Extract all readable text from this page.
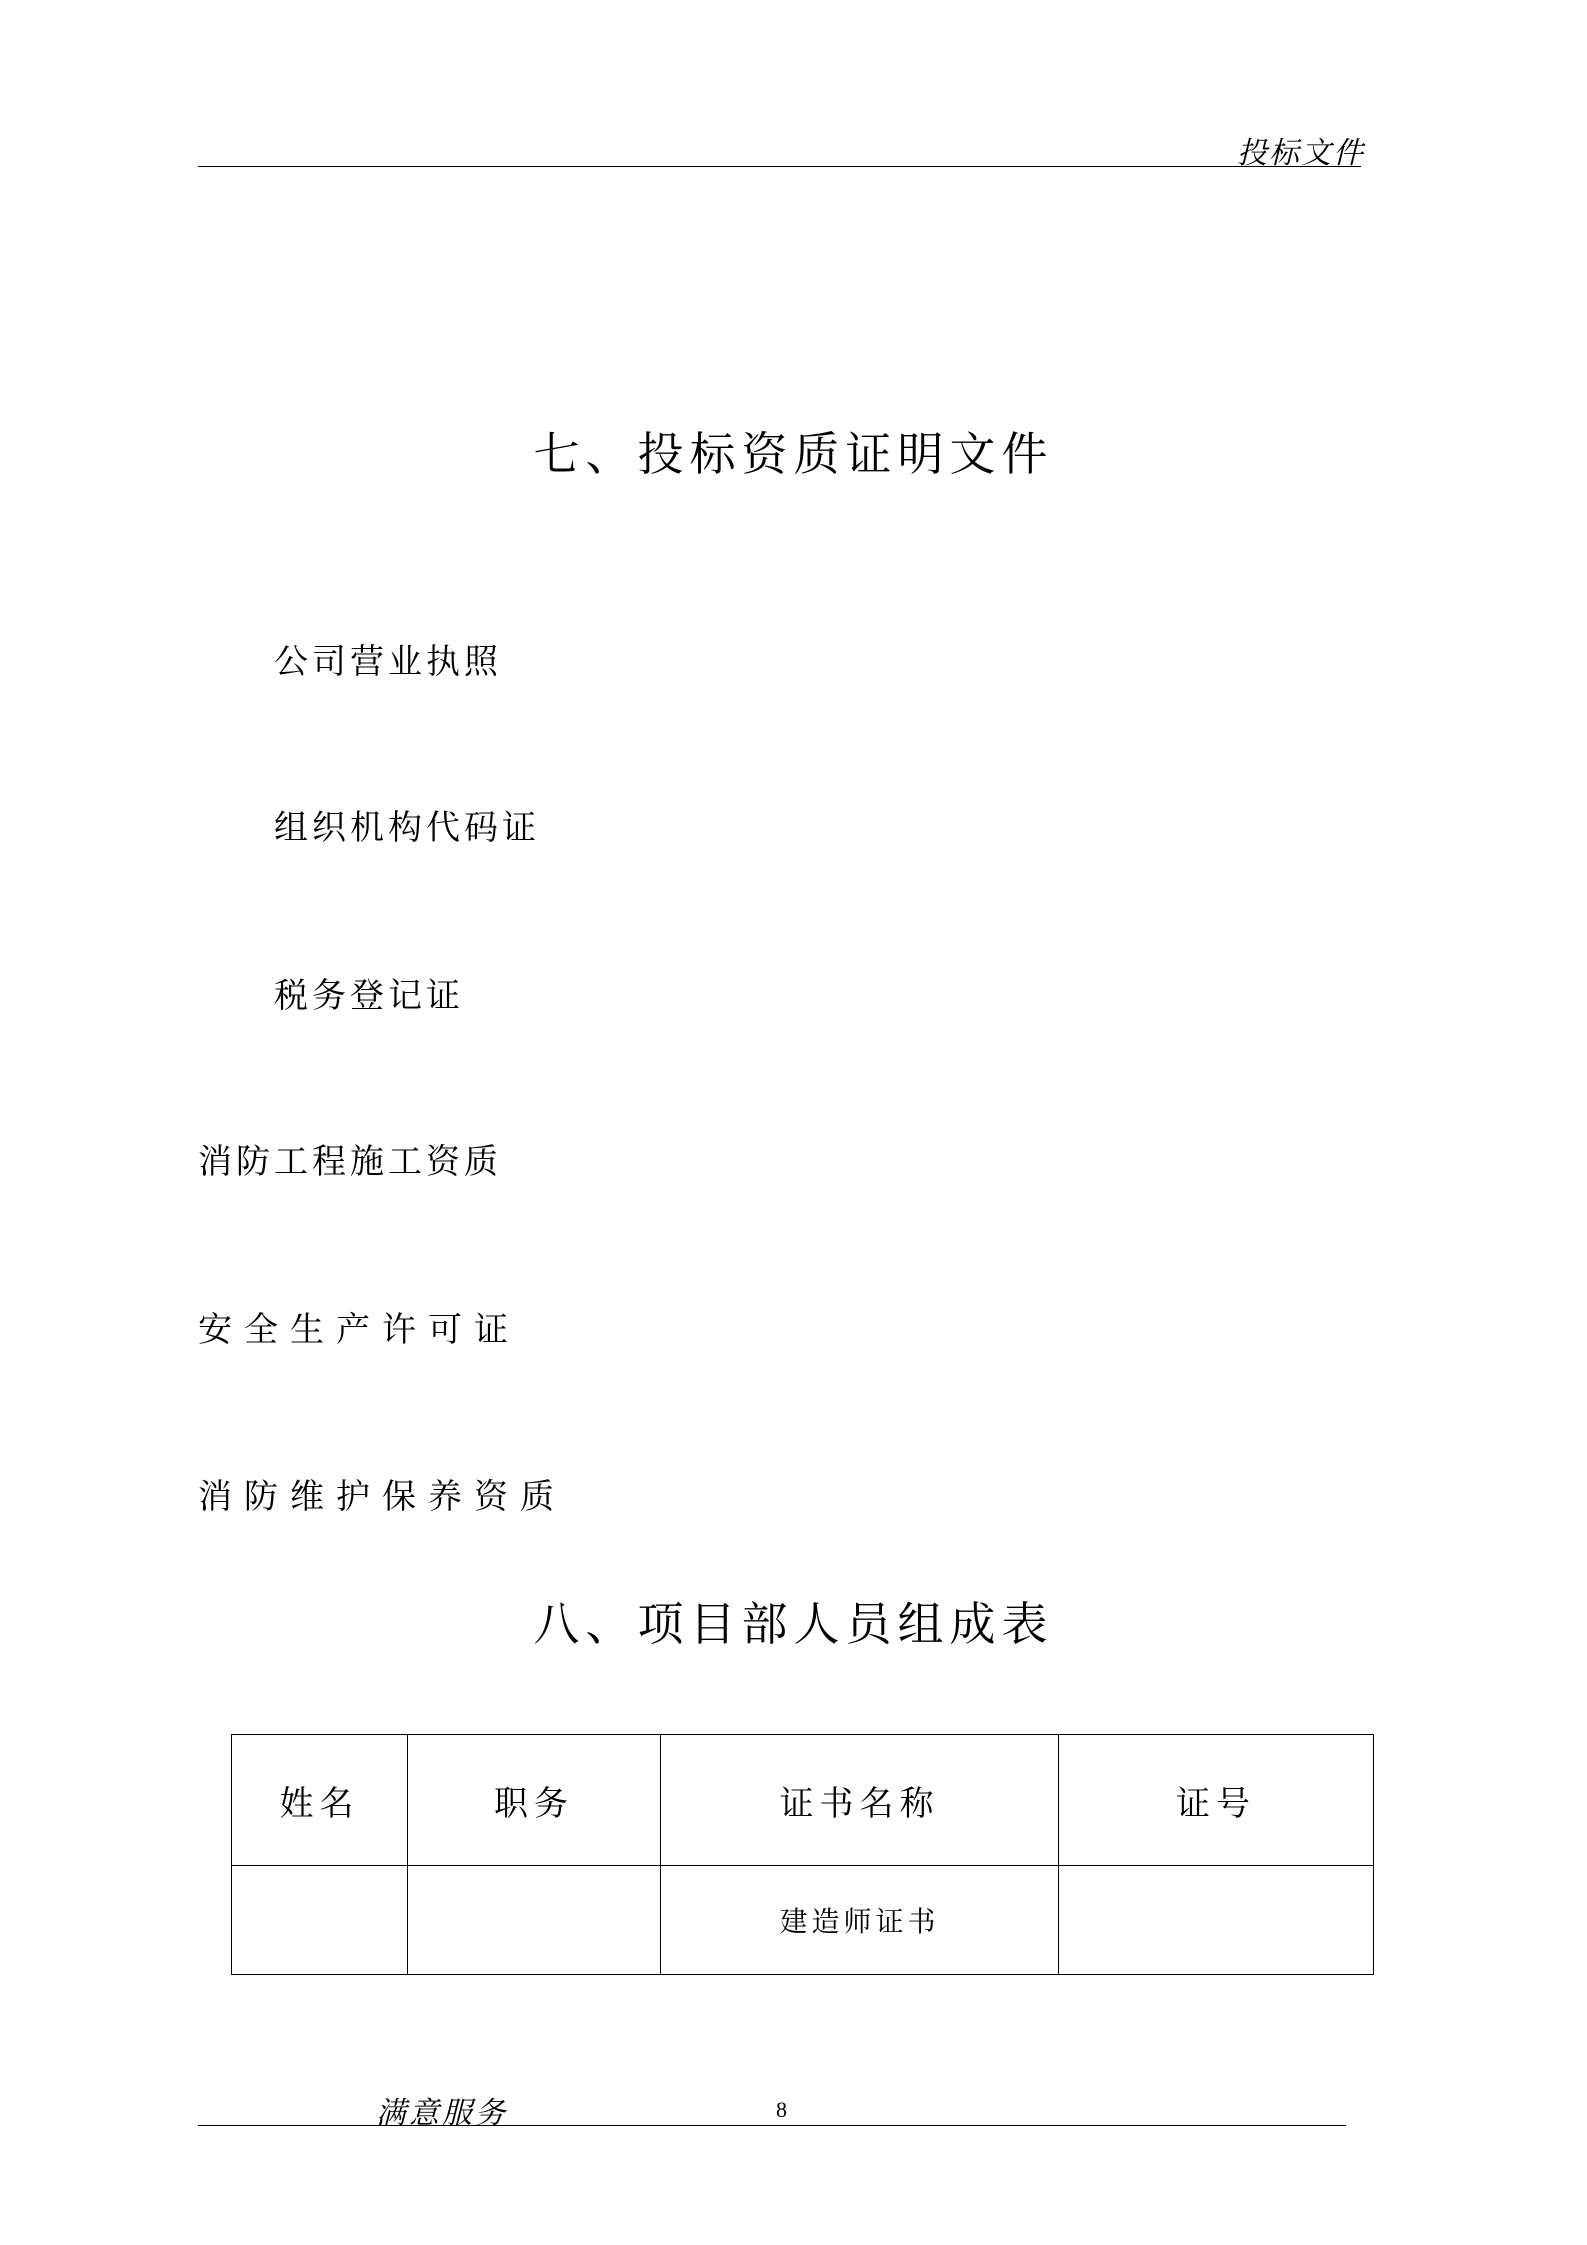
投标文件
七、投标资质证明文件
公司营业执照
组织机构代码证
税务登记证
消防工程施工资质
安全生产许可证
消防维护保养资质
八、项目部人员组成表
姓名	职务	证书名称	证号
		建造师证书	
满意服务	8
